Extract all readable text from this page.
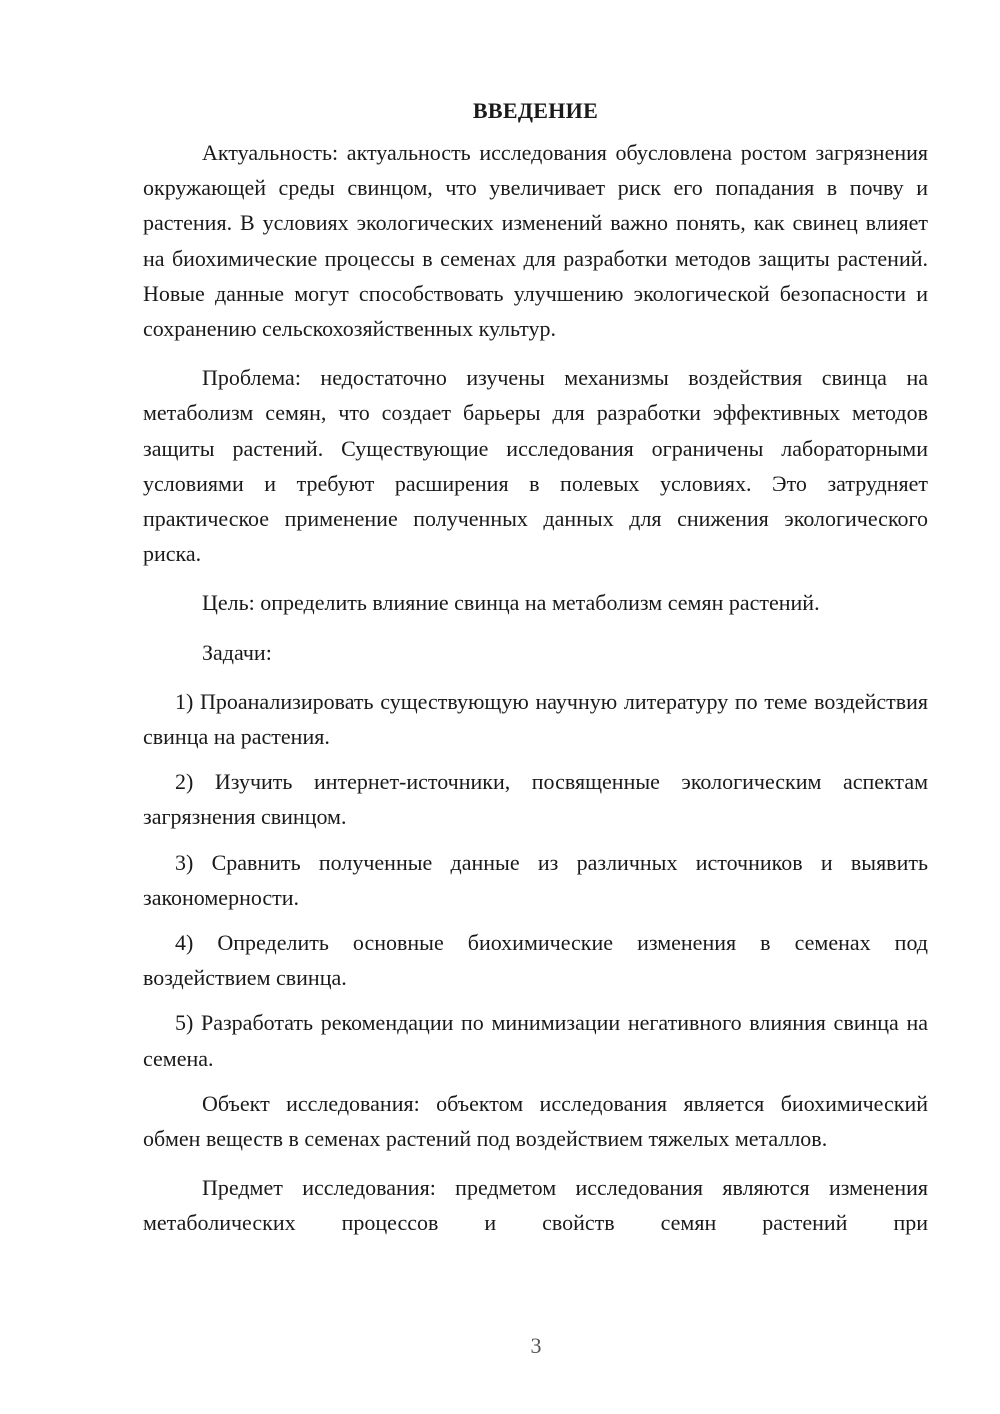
ВВЕДЕНИЕ

Актуальность: актуальность исследования обусловлена ростом загрязнения окружающей среды свинцом, что увеличивает риск его попадания в почву и растения. В условиях экологических изменений важно понять, как свинец влияет на биохимические процессы в семенах для разработки методов защиты растений. Новые данные могут способствовать улучшению экологической безопасности и сохранению сельскохозяйственных культур.

Проблема: недостаточно изучены механизмы воздействия свинца на метаболизм семян, что создает барьеры для разработки эффективных методов защиты растений. Существующие исследования ограничены лабораторными условиями и требуют расширения в полевых условиях. Это затрудняет практическое применение полученных данных для снижения экологического риска.

Цель: определить влияние свинца на метаболизм семян растений.

Задачи:

1) Проанализировать существующую научную литературу по теме воздействия свинца на растения.

2) Изучить интернет-источники, посвященные экологическим аспектам загрязнения свинцом.

3) Сравнить полученные данные из различных источников и выявить закономерности.

4) Определить основные биохимические изменения в семенах под воздействием свинца.

5) Разработать рекомендации по минимизации негативного влияния свинца на семена.

Объект исследования: объектом исследования является биохимический обмен веществ в семенах растений под воздействием тяжелых металлов.

Предмет исследования: предметом исследования являются изменения метаболических процессов и свойств семян растений при

3
